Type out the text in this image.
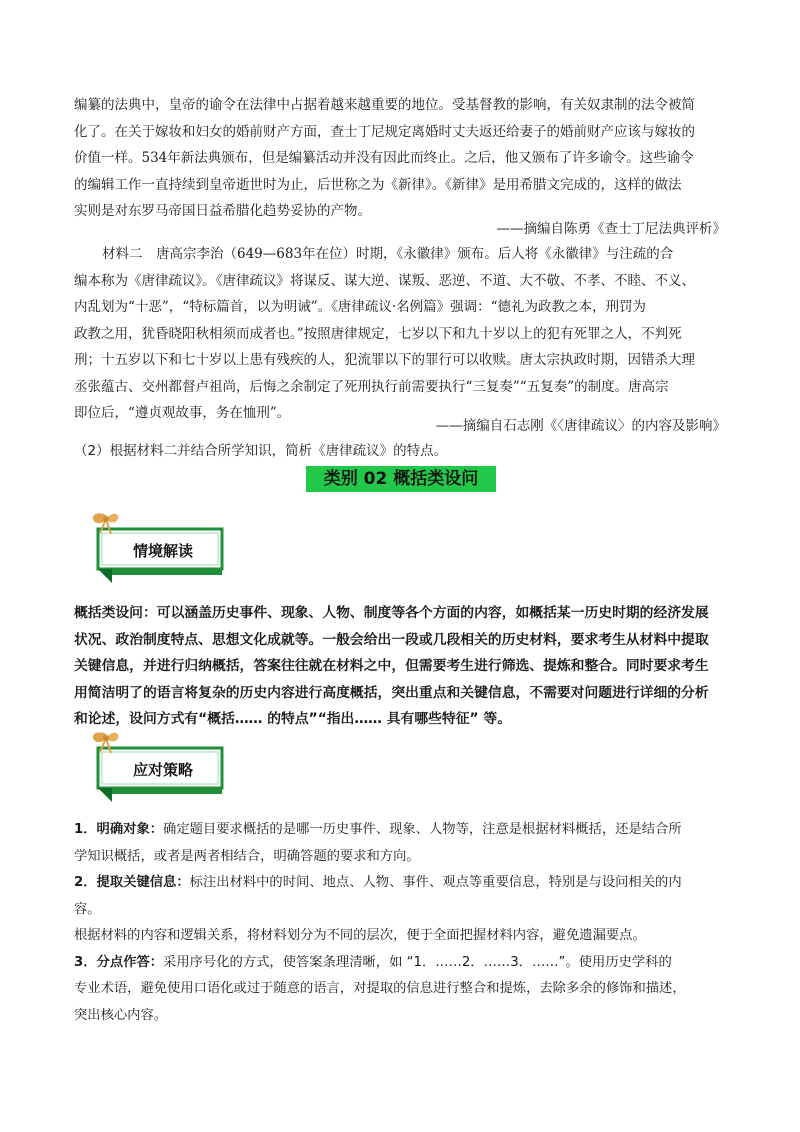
编纂的法典中，皇帝的谕令在法律中占据着越来越重要的地位。受基督教的影响，有关奴隶制的法令被简
化了。在关于嫁妆和妇女的婚前财产方面，查士丁尼规定离婚时丈夫返还给妻子的婚前财产应该与嫁妆的
价值一样。534年新法典颁布，但是编纂活动并没有因此而终止。之后，他又颁布了许多谕令。这些谕令
的编辑工作一直持续到皇帝逝世时为止，后世称之为《新律》。《新律》是用希腊文完成的，这样的做法
实则是对东罗马帝国日益希腊化趋势妥协的产物。
——摘编自陈勇《查士丁尼法典评析》
材料二　唐高宗李治（649—683年在位）时期，《永徽律》颁布。后人将《永徽律》与注疏的合
编本称为《唐律疏议》。《唐律疏议》将谋反、谋大逆、谋叛、恶逆、不道、大不敬、不孝、不睦、不义、
内乱划为“十恶”，“特标篇首，以为明诫”。《唐律疏议·名例篇》强调：“德礼为政教之本，刑罚为
政教之用，犹昏晓阳秋相须而成者也。”按照唐律规定，七岁以下和九十岁以上的犯有死罪之人，不判死
刑；十五岁以下和七十岁以上患有残疾的人，犯流罪以下的罪行可以收赎。唐太宗执政时期，因错杀大理
丞张蕴古、交州都督卢祖尚，后悔之余制定了死刑执行前需要执行“三复奏”“五复奏”的制度。唐高宗
即位后，“遵贞观故事，务在恤刑”。
——摘编自石志刚《〈唐律疏议〉的内容及影响》
（2）根据材料二并结合所学知识，简析《唐律疏议》的特点。
类别 02 概括类设问
情境解读
概括类设问：可以涵盖历史事件、现象、人物、制度等各个方面的内容，如概括某一历史时期的经济发展
状况、政治制度特点、思想文化成就等。一般会给出一段或几段相关的历史材料，要求考生从材料中提取
关键信息，并进行归纳概括，答案往往就在材料之中，但需要考生进行筛选、提炼和整合。同时要求考生
用简洁明了的语言将复杂的历史内容进行高度概括，突出重点和关键信息，不需要对问题进行详细的分析
和论述，设问方式有“概括…… 的特点”“指出…… 具有哪些特征” 等。
应对策略
1．明确对象：确定题目要求概括的是哪一历史事件、现象、人物等，注意是根据材料概括，还是结合所
学知识概括，或者是两者相结合，明确答题的要求和方向。
2．提取关键信息：标注出材料中的时间、地点、人物、事件、观点等重要信息，特别是与设问相关的内
容。
根据材料的内容和逻辑关系，将材料划分为不同的层次，便于全面把握材料内容，避免遗漏要点。
3．分点作答：采用序号化的方式，使答案条理清晰，如 “1．……2．……3．……”。使用历史学科的
专业术语，避免使用口语化或过于随意的语言，对提取的信息进行整合和提炼，去除多余的修饰和描述，
突出核心内容。
